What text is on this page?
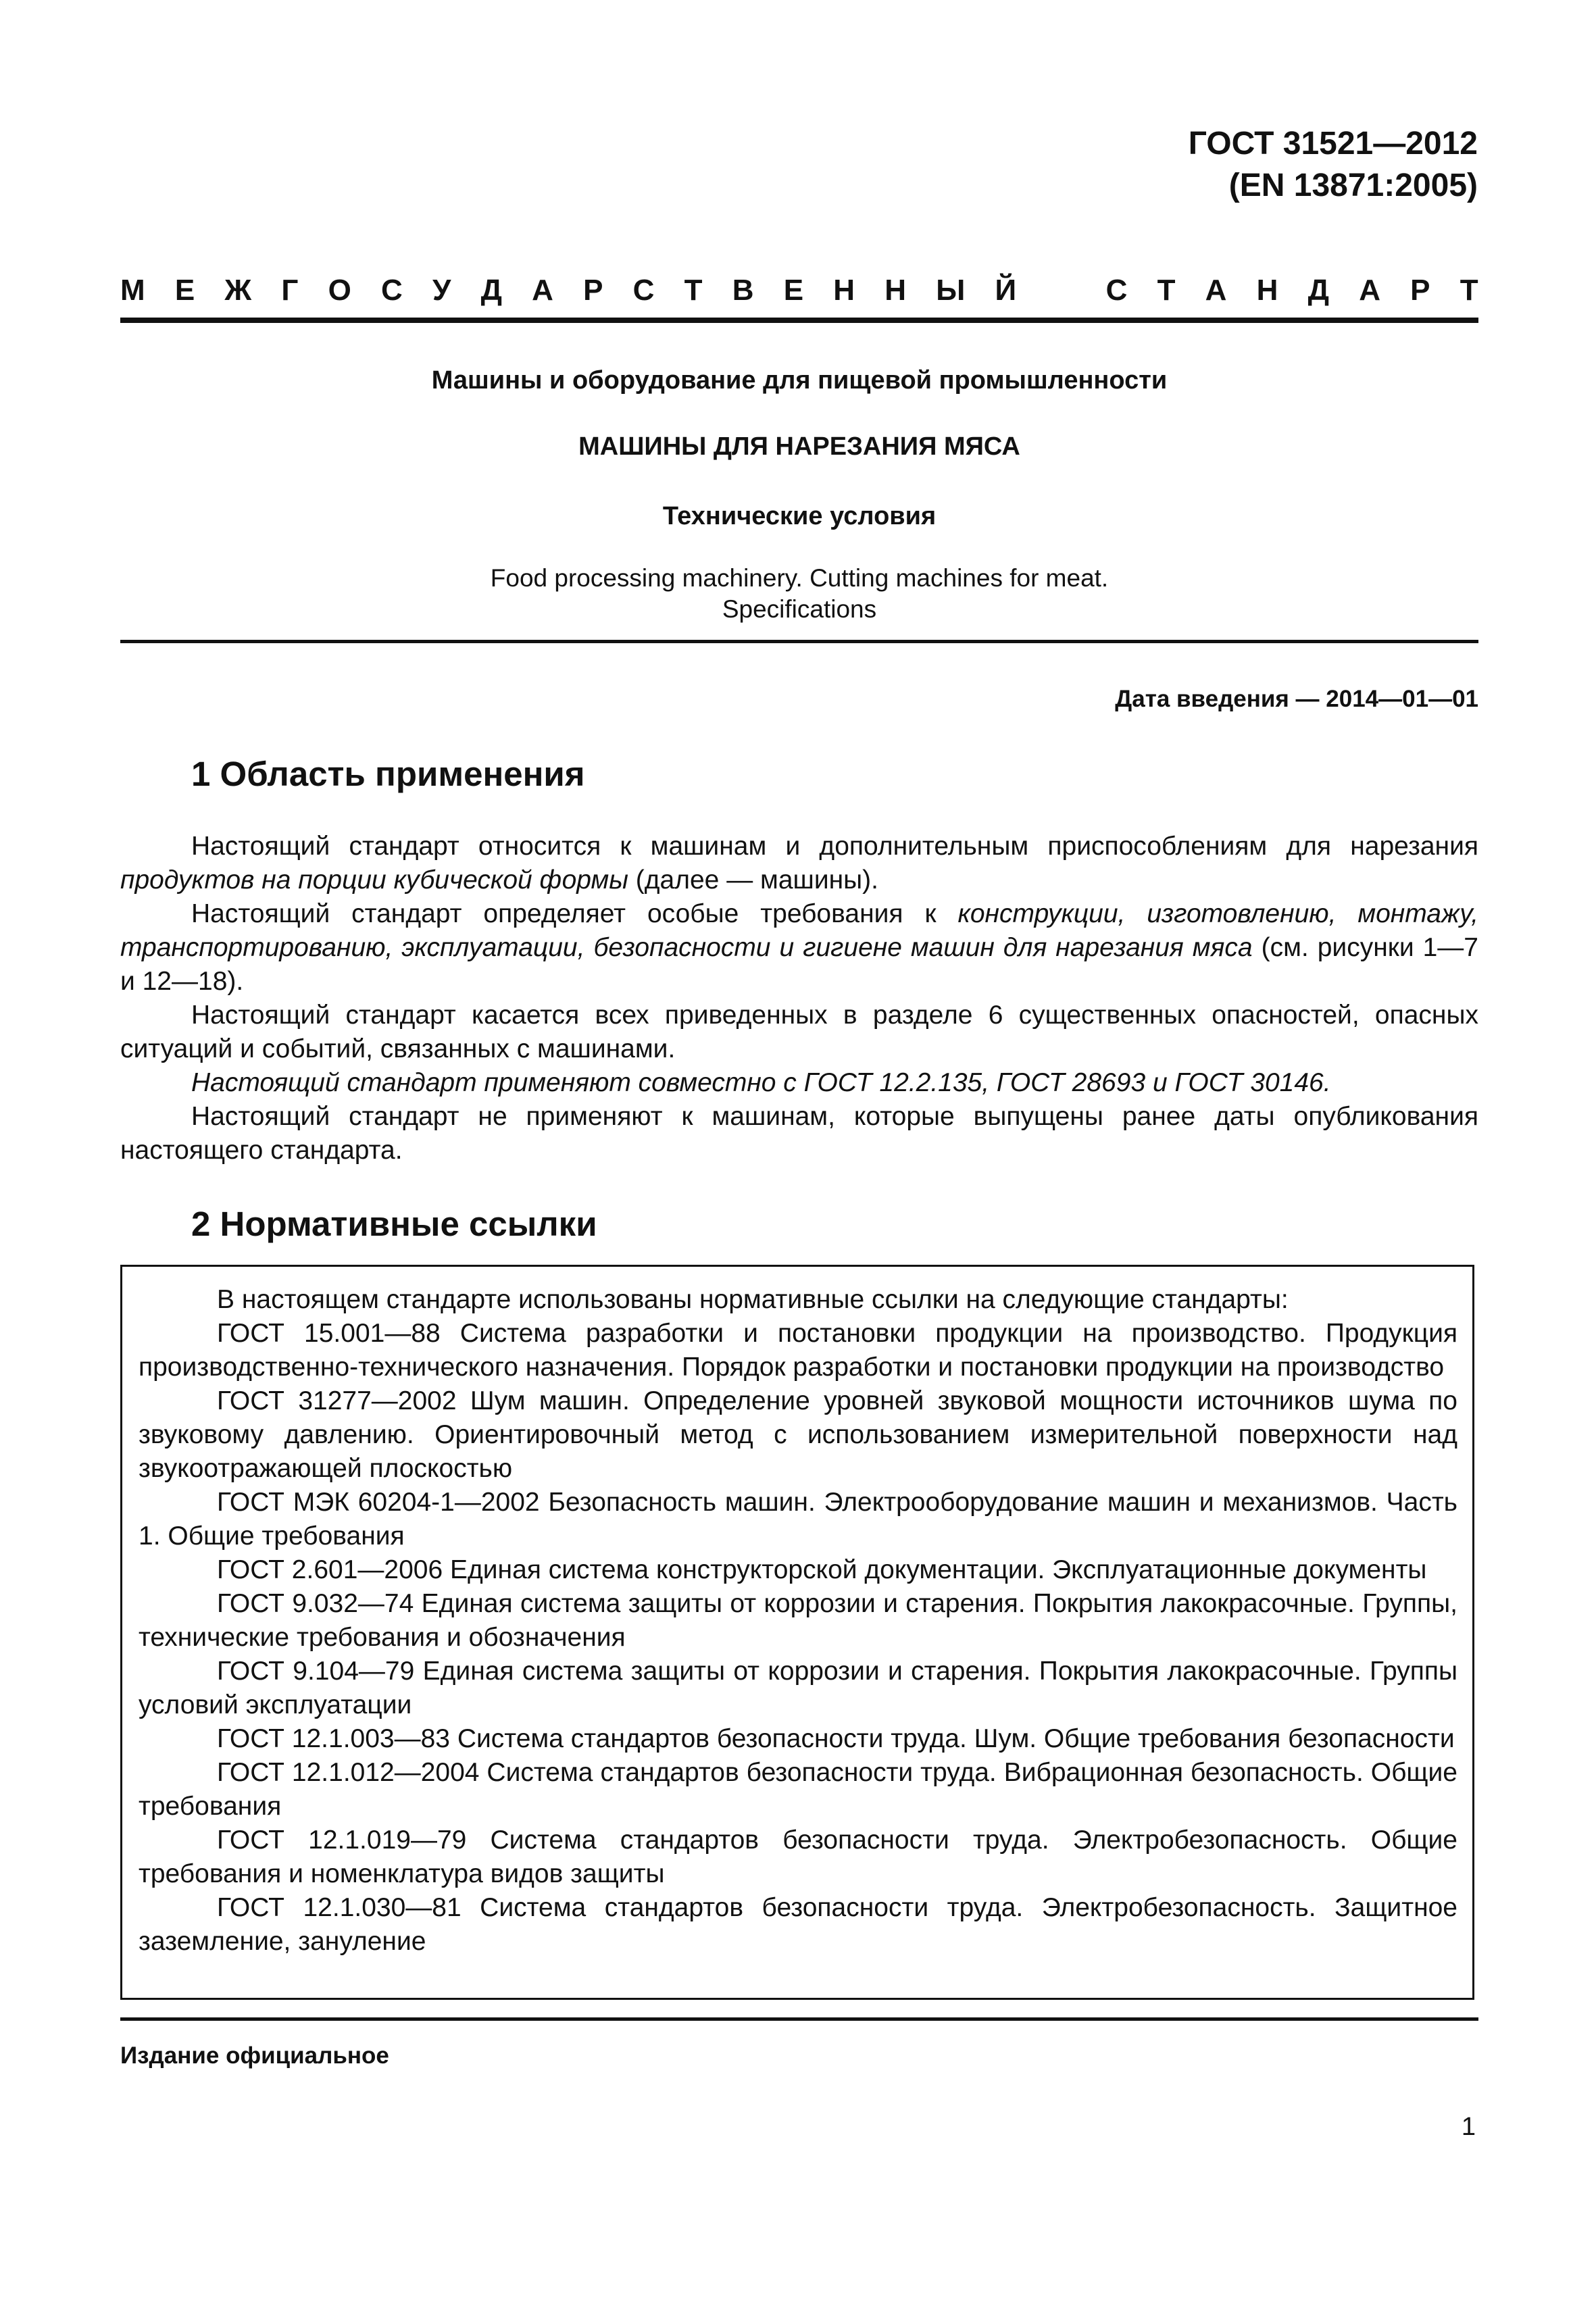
ГОСТ 31521—2012
(EN 13871:2005)
М Е Ж Г О С У Д А Р С Т В Е Н Н Ы Й	С Т А Н Д А Р Т
Машины и оборудование для пищевой промышленности
МАШИНЫ ДЛЯ НАРЕЗАНИЯ МЯСА
Технические условия
Food processing machinery. Cutting machines for meat.
Specifications
Дата введения — 2014—01—01
1 Область применения

Настоящий стандарт относится к машинам и дополнительным приспособлениям для нарезания продуктов на порции кубической формы (далее — машины).

Настоящий стандарт определяет особые требования к конструкции, изготовлению, монтажу, транспортированию, эксплуатации, безопасности и гигиене машин для нарезания мяса (см. рисунки 1—7 и 12—18).

Настоящий стандарт касается всех приведенных в разделе 6 существенных опасностей, опасных ситуаций и событий, связанных с машинами.

Настоящий стандарт применяют совместно с ГОСТ 12.2.135, ГОСТ 28693 и ГОСТ 30146.

Настоящий стандарт не применяют к машинам, которые выпущены ранее даты опубликования настоящего стандарта.

2 Нормативные ссылки

В настоящем стандарте использованы нормативные ссылки на следующие стандарты:

ГОСТ 15.001—88 Система разработки и постановки продукции на производство. Продукция производственно-технического назначения. Порядок разработки и постановки продукции на производство

ГОСТ 31277—2002 Шум машин. Определение уровней звуковой мощности источников шума по звуковому давлению. Ориентировочный метод с использованием измерительной поверхности над звукоотражающей плоскостью

ГОСТ МЭК 60204-1—2002 Безопасность машин. Электрооборудование машин и механизмов. Часть 1. Общие требования

ГОСТ 2.601—2006 Единая система конструкторской документации. Эксплуатационные документы

ГОСТ 9.032—74 Единая система защиты от коррозии и старения. Покрытия лакокрасочные. Группы, технические требования и обозначения

ГОСТ 9.104—79 Единая система защиты от коррозии и старения. Покрытия лакокрасочные. Группы условий эксплуатации

ГОСТ 12.1.003—83 Система стандартов безопасности труда. Шум. Общие требования безопасности

ГОСТ 12.1.012—2004 Система стандартов безопасности труда. Вибрационная безопасность. Общие требования

ГОСТ 12.1.019—79 Система стандартов безопасности труда. Электробезопасность. Общие требования и номенклатура видов защиты

ГОСТ 12.1.030—81 Система стандартов безопасности труда. Электробезопасность. Защитное заземление, зануление

Издание официальное
1
